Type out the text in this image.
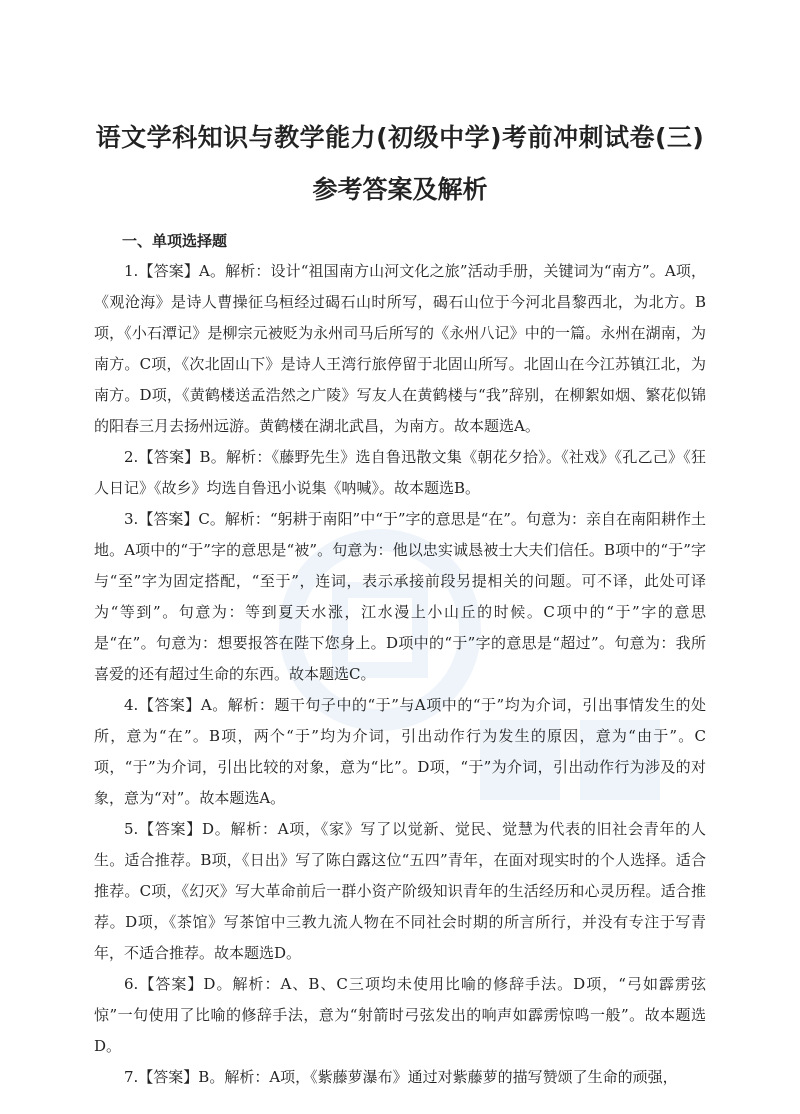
语文学科知识与教学能力(初级中学)考前冲刺试卷(三)
参考答案及解析
一、单项选择题

1.【答案】A。解析：设计“祖国南方山河文化之旅”活动手册，关键词为“南方”。A项，《观沧海》是诗人曹操征乌桓经过碣石山时所写，碣石山位于今河北昌黎西北，为北方。B项，《小石潭记》是柳宗元被贬为永州司马后所写的《永州八记》中的一篇。永州在湖南，为南方。C项，《次北固山下》是诗人王湾行旅停留于北固山所写。北固山在今江苏镇江北，为南方。D项，《黄鹤楼送孟浩然之广陵》写友人在黄鹤楼与“我”辞别，在柳絮如烟、繁花似锦的阳春三月去扬州远游。黄鹤楼在湖北武昌，为南方。故本题选A。

2.【答案】B。解析：《藤野先生》选自鲁迅散文集《朝花夕拾》。《社戏》《孔乙己》《狂人日记》《故乡》均选自鲁迅小说集《呐喊》。故本题选B。

3.【答案】C。解析：“躬耕于南阳”中“于”字的意思是“在”。句意为：亲自在南阳耕作土地。A项中的“于”字的意思是“被”。句意为：他以忠实诚恳被士大夫们信任。B项中的“于”字与“至”字为固定搭配，“至于”，连词，表示承接前段另提相关的问题。可不译，此处可译为“等到”。句意为：等到夏天水涨，江水漫上小山丘的时候。C项中的“于”字的意思是“在”。句意为：想要报答在陛下您身上。D项中的“于”字的意思是“超过”。句意为：我所喜爱的还有超过生命的东西。故本题选C。

4.【答案】A。解析：题干句子中的“于”与A项中的“于”均为介词，引出事情发生的处所，意为“在”。B项，两个“于”均为介词，引出动作行为发生的原因，意为“由于”。C项，“于”为介词，引出比较的对象，意为“比”。D项，“于”为介词，引出动作行为涉及的对象，意为“对”。故本题选A。

5.【答案】D。解析：A项，《家》写了以觉新、觉民、觉慧为代表的旧社会青年的人生。适合推荐。B项，《日出》写了陈白露这位“五四”青年，在面对现实时的个人选择。适合推荐。C项，《幻灭》写大革命前后一群小资产阶级知识青年的生活经历和心灵历程。适合推荐。D项，《茶馆》写茶馆中三教九流人物在不同社会时期的所言所行，并没有专注于写青年，不适合推荐。故本题选D。

6.【答案】D。解析：A、B、C三项均未使用比喻的修辞手法。D项，“弓如霹雳弦惊”一句使用了比喻的修辞手法，意为“射箭时弓弦发出的响声如霹雳惊鸣一般”。故本题选D。

7.【答案】B。解析：A项，《紫藤萝瀑布》通过对紫藤萝的描写赞颂了生命的顽强，
